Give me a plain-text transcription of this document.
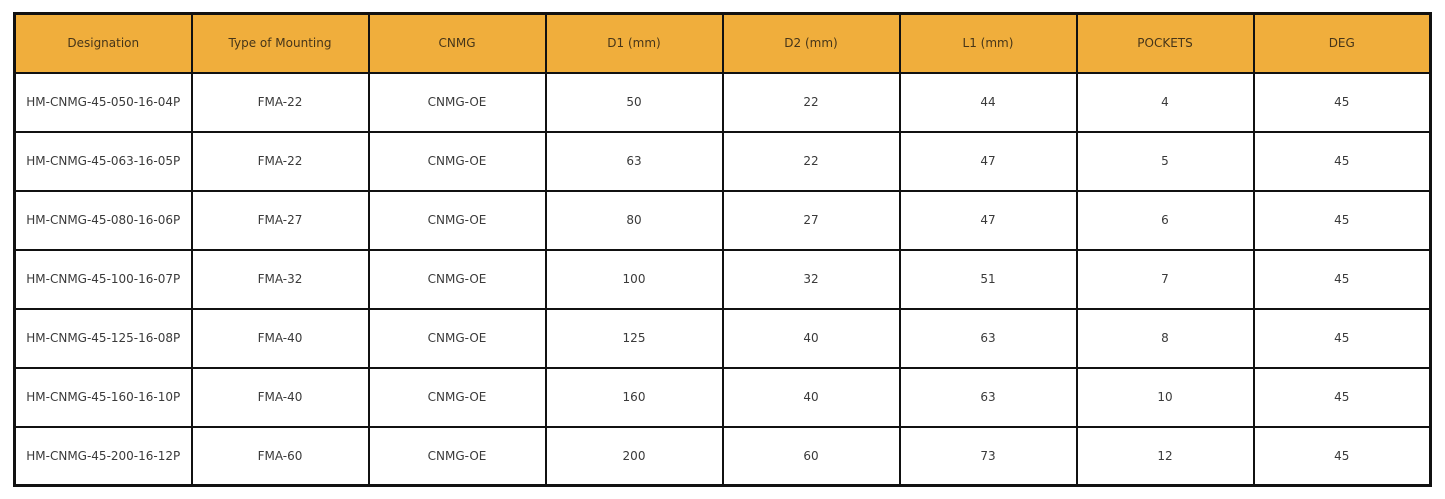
Designation	Type of Mounting	CNMG	D1 (mm)	D2 (mm)	L1 (mm)	POCKETS	DEG
HM-CNMG-45-050-16-04P	FMA-22	CNMG-OE	50	22	44	4	45
HM-CNMG-45-063-16-05P	FMA-22	CNMG-OE	63	22	47	5	45
HM-CNMG-45-080-16-06P	FMA-27	CNMG-OE	80	27	47	6	45
HM-CNMG-45-100-16-07P	FMA-32	CNMG-OE	100	32	51	7	45
HM-CNMG-45-125-16-08P	FMA-40	CNMG-OE	125	40	63	8	45
HM-CNMG-45-160-16-10P	FMA-40	CNMG-OE	160	40	63	10	45
HM-CNMG-45-200-16-12P	FMA-60	CNMG-OE	200	60	73	12	45
